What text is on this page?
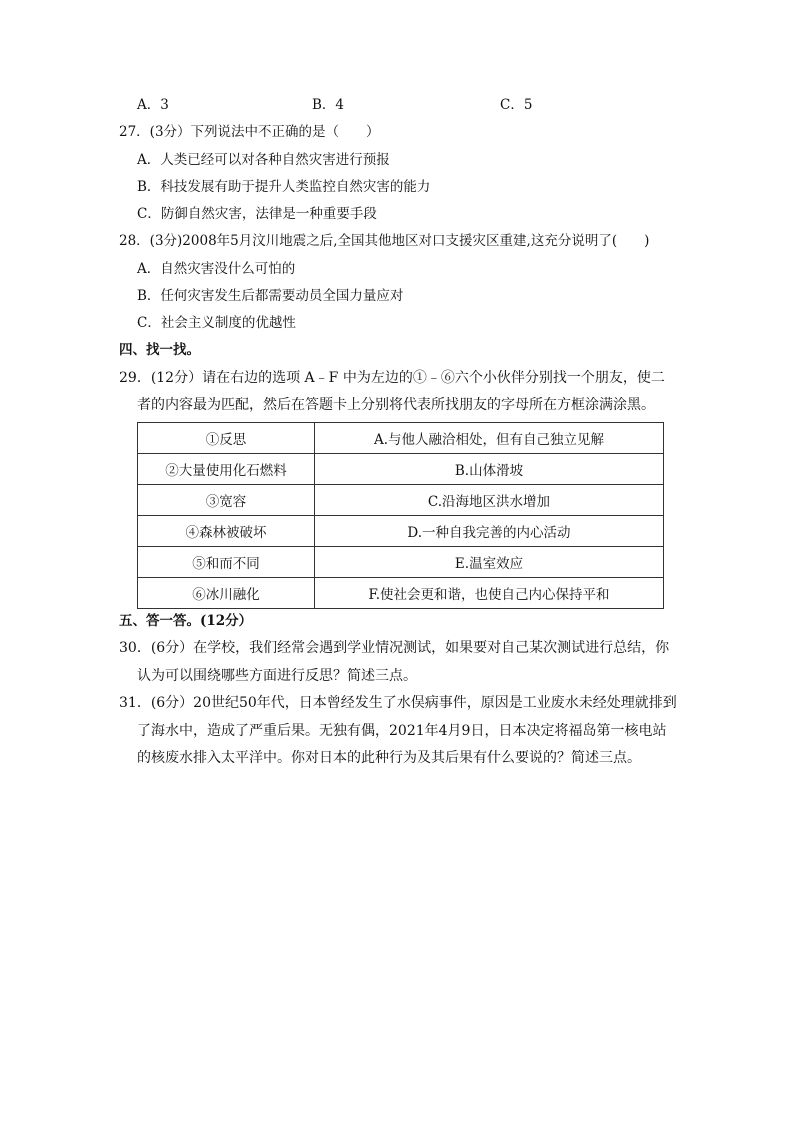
A．3	B．4	C．5
27．(3分）下列说法中不正确的是（　　）
A．人类已经可以对各种自然灾害进行预报
B．科技发展有助于提升人类监控自然灾害的能力
C．防御自然灾害，法律是一种重要手段
28．(3分)2008年5月汶川地震之后,全国其他地区对口支援灾区重建,这充分说明了(　　)
A．自然灾害没什么可怕的
B．任何灾害发生后都需要动员全国力量应对
C．社会主义制度的优越性
四、找一找。
29．(12分）请在右边的选项 A﹣F 中为左边的①﹣⑥六个小伙伴分别找一个朋友，使二
者的内容最为匹配，然后在答题卡上分别将代表所找朋友的字母所在方框涂满涂黑。
①反思	A.与他人融洽相处，但有自己独立见解
②大量使用化石燃料	B.山体滑坡
③宽容	C.沿海地区洪水增加
④森林被破坏	D.一种自我完善的内心活动
⑤和而不同	E.温室效应
⑥冰川融化	F.使社会更和谐，也使自己内心保持平和
五、答一答。(12分）
30．(6分）在学校，我们经常会遇到学业情况测试，如果要对自己某次测试进行总结，你
认为可以围绕哪些方面进行反思？简述三点。
31．(6分）20世纪50年代，日本曾经发生了水俣病事件，原因是工业废水未经处理就排到
了海水中，造成了严重后果。无独有偶，2021年4月9日，日本决定将福岛第一核电站
的核废水排入太平洋中。你对日本的此种行为及其后果有什么要说的？简述三点。
